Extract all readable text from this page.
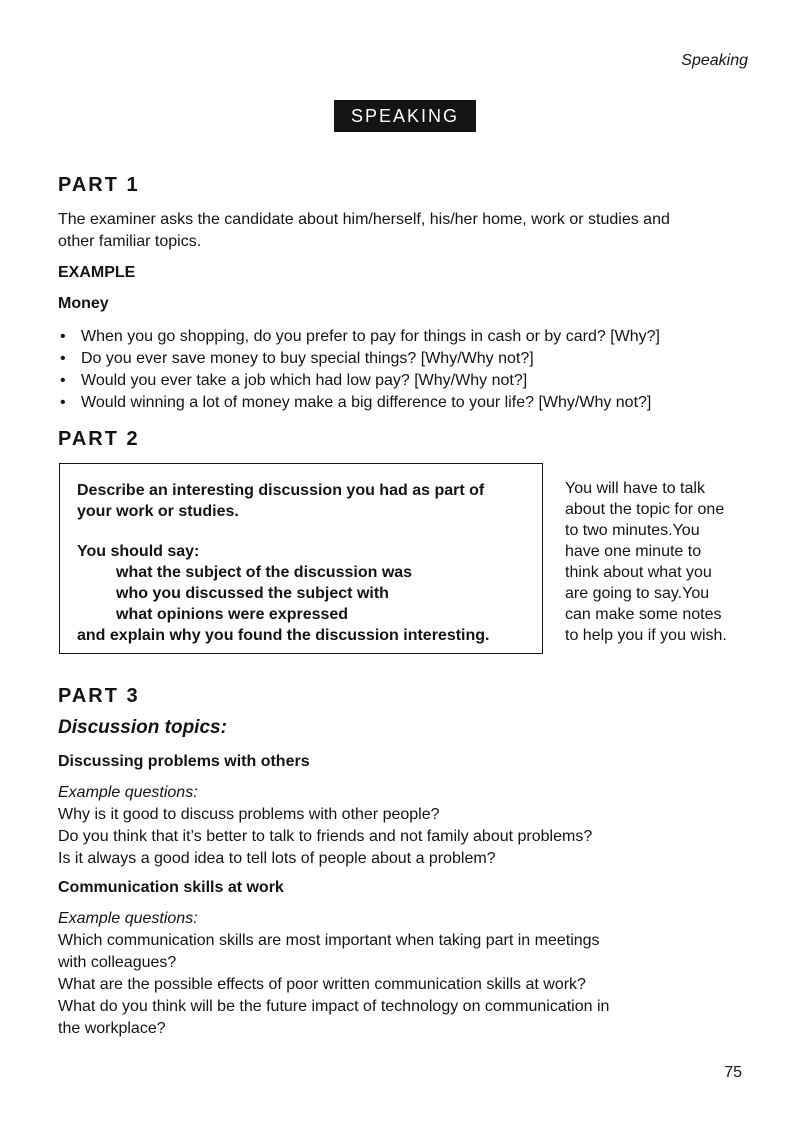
Speaking
SPEAKING
PART 1
The examiner asks the candidate about him/herself, his/her home, work or studies and
other familiar topics.
EXAMPLE
Money
• When you go shopping, do you prefer to pay for things in cash or by card? [Why?]
• Do you ever save money to buy special things? [Why/Why not?]
• Would you ever take a job which had low pay? [Why/Why not?]
• Would winning a lot of money make a big difference to your life? [Why/Why not?]
PART 2
Describe an interesting discussion you had as part of
your work or studies.
You should say:
what the subject of the discussion was
who you discussed the subject with
what opinions were expressed
and explain why you found the discussion interesting.
You will have to talk
about the topic for one
to two minutes.You
have one minute to
think about what you
are going to say.You
can make some notes
to help you if you wish.
PART 3
Discussion topics:
Discussing problems with others
Example questions:
Why is it good to discuss problems with other people?
Do you think that it’s better to talk to friends and not family about problems?
Is it always a good idea to tell lots of people about a problem?
Communication skills at work
Example questions:
Which communication skills are most important when taking part in meetings
with colleagues?
What are the possible effects of poor written communication skills at work?
What do you think will be the future impact of technology on communication in
the workplace?
75
